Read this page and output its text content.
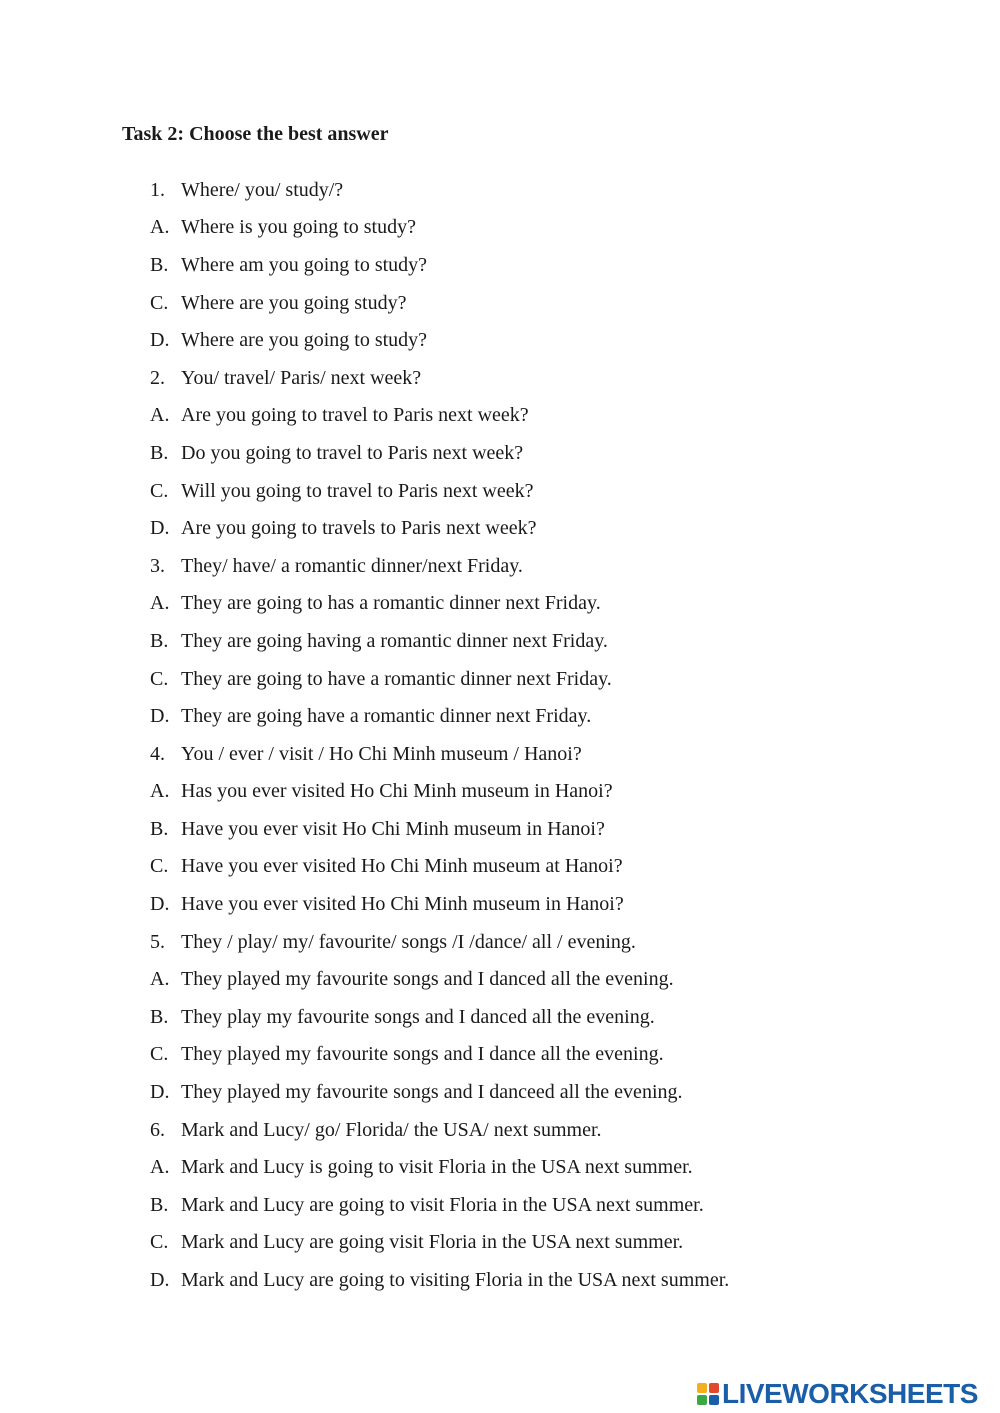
Task 2: Choose the best answer
1. Where/ you/ study/?
A. Where is you going to study?
B. Where am you going to study?
C. Where are you going study?
D. Where are you going to study?
2. You/ travel/ Paris/ next week?
A. Are you going to travel to Paris next week?
B. Do you going to travel to Paris next week?
C. Will you going to travel to Paris next week?
D. Are you going to travels to Paris next week?
3. They/ have/ a romantic dinner/next Friday.
A. They are going to has a romantic dinner next Friday.
B. They are going having a romantic dinner next Friday.
C. They are going to have a romantic dinner next Friday.
D. They are going have a romantic dinner next Friday.
4. You / ever / visit / Ho Chi Minh museum / Hanoi?
A. Has you ever visited Ho Chi Minh museum in Hanoi?
B. Have you ever visit Ho Chi Minh museum in Hanoi?
C. Have you ever visited Ho Chi Minh museum at Hanoi?
D. Have you ever visited Ho Chi Minh museum in Hanoi?
5. They / play/ my/ favourite/ songs /I /dance/ all / evening.
A. They played my favourite songs and I danced all the evening.
B. They play my favourite songs and I danced all the evening.
C. They played my favourite songs and I dance all the evening.
D. They played my favourite songs and I danceed all the evening.
6. Mark and Lucy/ go/ Florida/ the USA/ next summer.
A. Mark and Lucy is going to visit Floria in the USA next summer.
B. Mark and Lucy are going to visit Floria in the USA next summer.
C. Mark and Lucy are going visit Floria in the USA next summer.
D. Mark and Lucy are going to visiting Floria in the USA next summer.
LIVEWORKSHEETS
